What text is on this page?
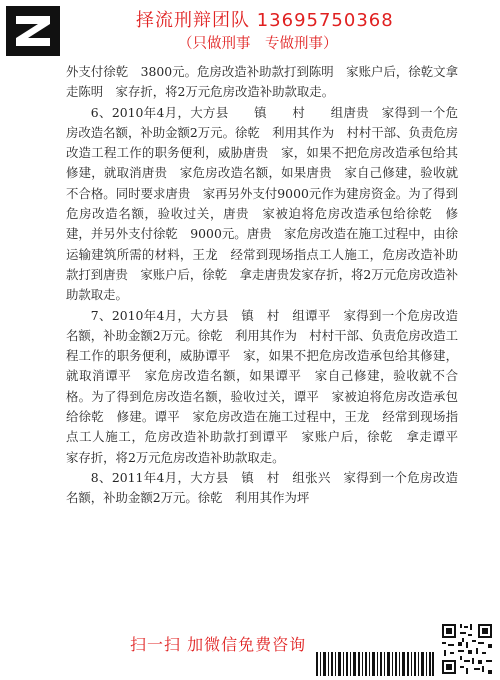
择流刑辩团队 13695750368
（只做刑事　专做刑事）

外支付徐乾　3800元。危房改造补助款打到陈明　家账户后，徐乾文拿走陈明　家存折，将2万元危房改造补助款取走。

6、2010年4月，大方县　　镇　　村　　组唐贵　家得到一个危房改造名额，补助金额2万元。徐乾　利用其作为　村村干部、负责危房改造工程工作的职务便利，威胁唐贵　家，如果不把危房改造承包给其修建，就取消唐贵　家危房改造名额，如果唐贵　家自己修建，验收就不合格。同时要求唐贵　家再另外支付9000元作为建房资金。为了得到危房改造名额，验收过关，唐贵　家被迫将危房改造承包给徐乾　修建，并另外支付徐乾　9000元。唐贵　家危房改造在施工过程中，由徐　运输建筑所需的材料，王龙　经常到现场指点工人施工，危房改造补助款打到唐贵　家账户后，徐乾　拿走唐贵发家存折，将2万元危房改造补助款取走。

7、2010年4月，大方县　镇　村　组谭平　家得到一个危房改造名额，补助金额2万元。徐乾　利用其作为　村村干部、负责危房改造工程工作的职务便利，威胁谭平　家，如果不把危房改造承包给其修建，就取消谭平　家危房改造名额，如果谭平　家自己修建，验收就不合格。为了得到危房改造名额，验收过关，谭平　家被迫将危房改造承包给徐乾　修建。谭平　家危房改造在施工过程中，王龙　经常到现场指点工人施工，危房改造补助款打到谭平　家账户后，徐乾　拿走谭平　家存折，将2万元危房改造补助款取走。

8、2011年4月，大方县　镇　村　组张兴　家得到一个危房改造名额，补助金额2万元。徐乾　利用其作为坪

扫一扫 加微信免费咨询
